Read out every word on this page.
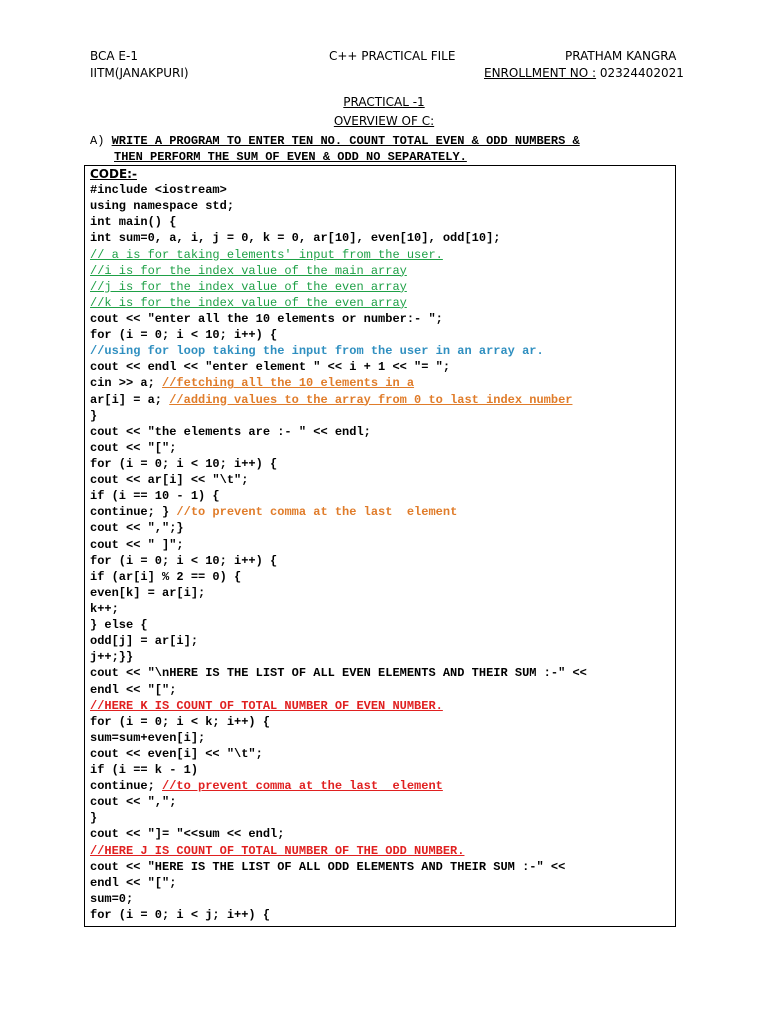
BCA E-1
IITM(JANAKPURI)
C++ PRACTICAL FILE	PRATHAM KANGRA
ENROLLMENT NO : 02324402021
PRACTICAL -1
OVERVIEW OF C:
A) WRITE A PROGRAM TO ENTER TEN NO. COUNT TOTAL EVEN & ODD NUMBERS &
THEN PERFORM THE SUM OF EVEN & ODD NO SEPARATELY.
CODE:-
#include <iostream>
using namespace std;
int main() {
int sum=0, a, i, j = 0, k = 0, ar[10], even[10], odd[10];
// a is for taking elements' input from the user.
//i is for the index value of the main array
//j is for the index value of the even array
//k is for the index value of the even array
cout << "enter all the 10 elements or number:- ";
for (i = 0; i < 10; i++) {
//using for loop taking the input from the user in an array ar.
cout << endl << "enter element " << i + 1 << "= ";
cin >> a; //fetching all the 10 elements in a
ar[i] = a; //adding values to the array from 0 to last index number
}
cout << "the elements are :- " << endl;
cout << "[";
for (i = 0; i < 10; i++) {
cout << ar[i] << "\t";
if (i == 10 - 1) {
continue; } //to prevent comma at the last  element
cout << ",";}
cout << " ]";
for (i = 0; i < 10; i++) {
if (ar[i] % 2 == 0) {
even[k] = ar[i];
k++;
} else {
odd[j] = ar[i];
j++;}}
cout << "\nHERE IS THE LIST OF ALL EVEN ELEMENTS AND THEIR SUM :-" <<
endl << "[";
//HERE K IS COUNT OF TOTAL NUMBER OF EVEN NUMBER.
for (i = 0; i < k; i++) {
sum=sum+even[i];
cout << even[i] << "\t";
if (i == k - 1)
continue; //to prevent comma at the last  element
cout << ",";
}
cout << "]= "<<sum << endl;
//HERE J IS COUNT OF TOTAL NUMBER OF THE ODD NUMBER.
cout << "HERE IS THE LIST OF ALL ODD ELEMENTS AND THEIR SUM :-" <<
endl << "[";
sum=0;
for (i = 0; i < j; i++) {
